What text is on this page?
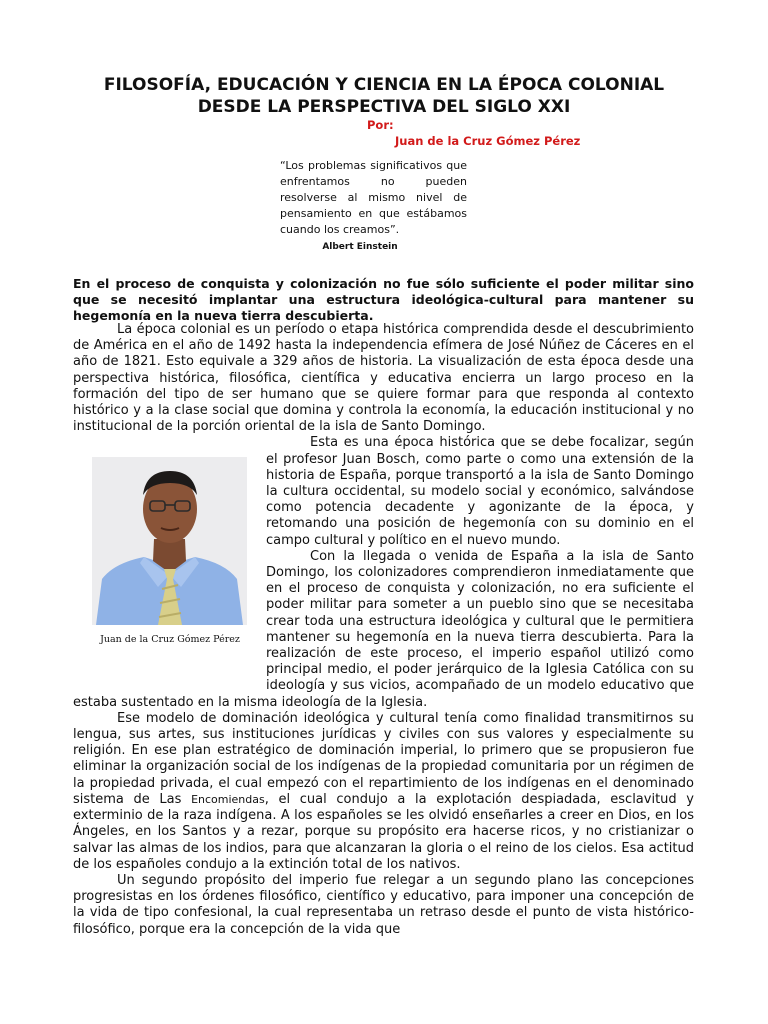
FILOSOFÍA, EDUCACIÓN Y CIENCIA EN LA ÉPOCA COLONIAL
DESDE LA PERSPECTIVA DEL SIGLO XXI
Por:
Juan de la Cruz Gómez Pérez
“Los problemas significativos que enfrentamos no pueden resolverse al mismo nivel de pensamiento en que estábamos cuando los creamos”.
Albert Einstein
En el proceso de conquista y colonización no fue sólo suficiente el poder militar sino que se necesitó implantar una estructura ideológica-cultural para mantener su hegemonía en la nueva tierra descubierta.

La época colonial es un período o etapa histórica comprendida desde el descubrimiento de América en el año de 1492 hasta la independencia efímera de José Núñez de Cáceres en el año de 1821. Esto equivale a 329 años de historia. La visualización de esta época desde una perspectiva histórica, filosófica, científica y educativa encierra un largo proceso en la formación del tipo de ser humano que se quiere formar para que responda al contexto histórico y a la clase social que domina y controla la economía, la educación institucional y no institucional de la porción oriental de la isla de Santo Domingo.

Juan de la Cruz Gómez Pérez

Esta es una época histórica que se debe focalizar, según el profesor Juan Bosch, como parte o como una extensión de la historia de España, porque transportó a la isla de Santo Domingo la cultura occidental, su modelo social y económico, salvándose como potencia decadente y agonizante de la época, y retomando una posición de hegemonía con su dominio en el campo cultural y político en el nuevo mundo.

Con la llegada o venida de España a la isla de Santo Domingo, los colonizadores comprendieron inmediatamente que en el proceso de conquista y colonización, no era suficiente el poder militar para someter a un pueblo sino que se necesitaba crear toda una estructura ideológica y cultural que le permitiera mantener su hegemonía en la nueva tierra descubierta. Para la realización de este proceso, el imperio español utilizó como principal medio, el poder jerárquico de la Iglesia Católica con su ideología y sus vicios, acompañado de un modelo educativo que estaba sustentado en la misma ideología de la Iglesia.

Ese modelo de dominación ideológica y cultural tenía como finalidad transmitirnos su lengua, sus artes, sus instituciones jurídicas y civiles con sus valores y especialmente su religión. En ese plan estratégico de dominación imperial, lo primero que se propusieron fue eliminar la organización social de los indígenas de la propiedad comunitaria por un régimen de la propiedad privada, el cual empezó con el repartimiento de los indígenas en el denominado sistema de Las Encomiendas, el cual condujo a la explotación despiadada, esclavitud y exterminio de la raza indígena. A los españoles se les olvidó enseñarles a creer en Dios, en los Ángeles, en los Santos y a rezar, porque su propósito era hacerse ricos, y no cristianizar o salvar las almas de los indios, para que alcanzaran la gloria o el reino de los cielos. Esa actitud de los españoles condujo a la extinción total de los nativos.

Un segundo propósito del imperio fue relegar a un segundo plano las concepciones progresistas en los órdenes filosófico, científico y educativo, para imponer una concepción de la vida de tipo confesional, la cual representaba un retraso desde el punto de vista histórico-filosófico, porque era la concepción de la vida que
